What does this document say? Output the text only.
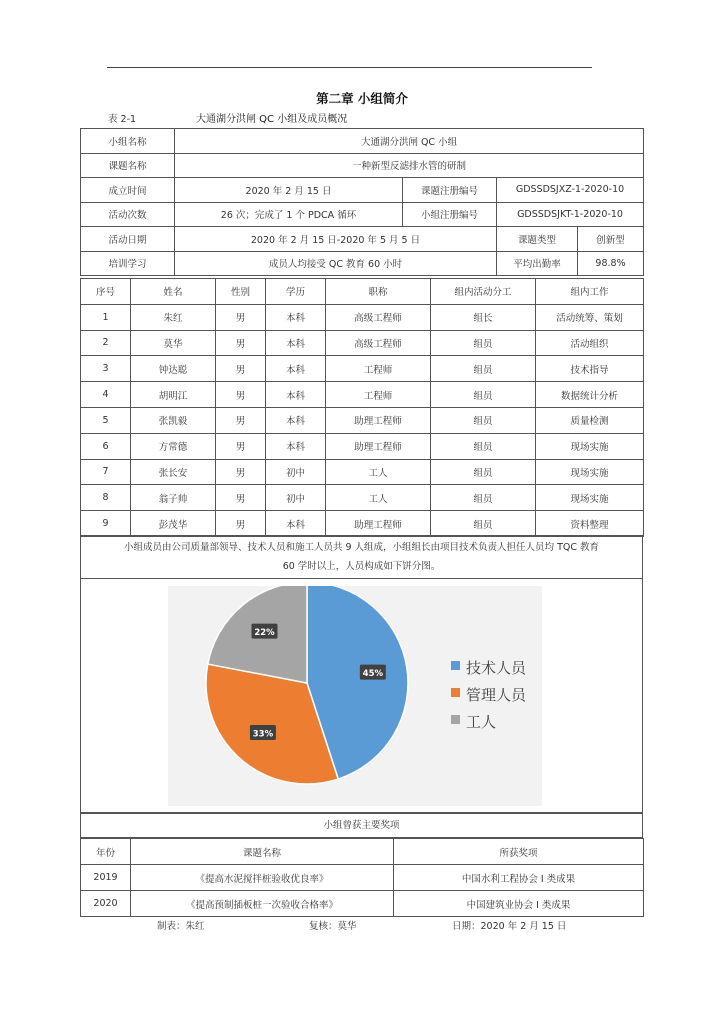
第二章 小组简介
表 2-1	大通湖分洪闸 QC 小组及成员概况
小组名称	大通湖分洪闸 QC 小组			
课题名称	一种新型反滤排水管的研制			
成立时间	2020 年 2 月 15 日	课题注册编号	GDSSDSJXZ-1-2020-10	
活动次数	26 次；完成了 1 个 PDCA 循环	小组注册编号	GDSSDSJKT-1-2020-10	
活动日期	2020 年 2 月 15 日-2020 年 5 月 5 日		课题类型	创新型
培训学习	成员人均接受 QC 教育 60 小时		平均出勤率	98.8%
序号	姓名	性别	学历	职称	组内活动分工	组内工作
1	朱红	男	本科	高级工程师	组长	活动统筹、策划
2	莫华	男	本科	高级工程师	组员	活动组织
3	钟达聪	男	本科	工程师	组员	技术指导
4	胡明江	男	本科	工程师	组员	数据统计分析
5	张凯毅	男	本科	助理工程师	组员	质量检测
6	方常德	男	本科	助理工程师	组员	现场实施
7	张长安	男	初中	工人	组员	现场实施
8	翁子帅	男	初中	工人	组员	现场实施
9	彭茂华	男	本科	助理工程师	组员	资料整理
小组成员由公司质量部领导、技术人员和施工人员共 9 人组成，小组组长由项目技术负责人担任人员均 TQC 教育
60 学时以上，人员构成如下饼分图。
45%
33%
22%
技术人员
管理人员
工人
小组曾获主要奖项
年份	课题名称	所获奖项
2019	《提高水泥搅拌桩验收优良率》	中国水利工程协会 I 类成果
2020	《提高预制插板桩一次验收合格率》	中国建筑业协会 I 类成果
制表：朱红	复核：莫华	日期：2020 年 2 月 15 日
